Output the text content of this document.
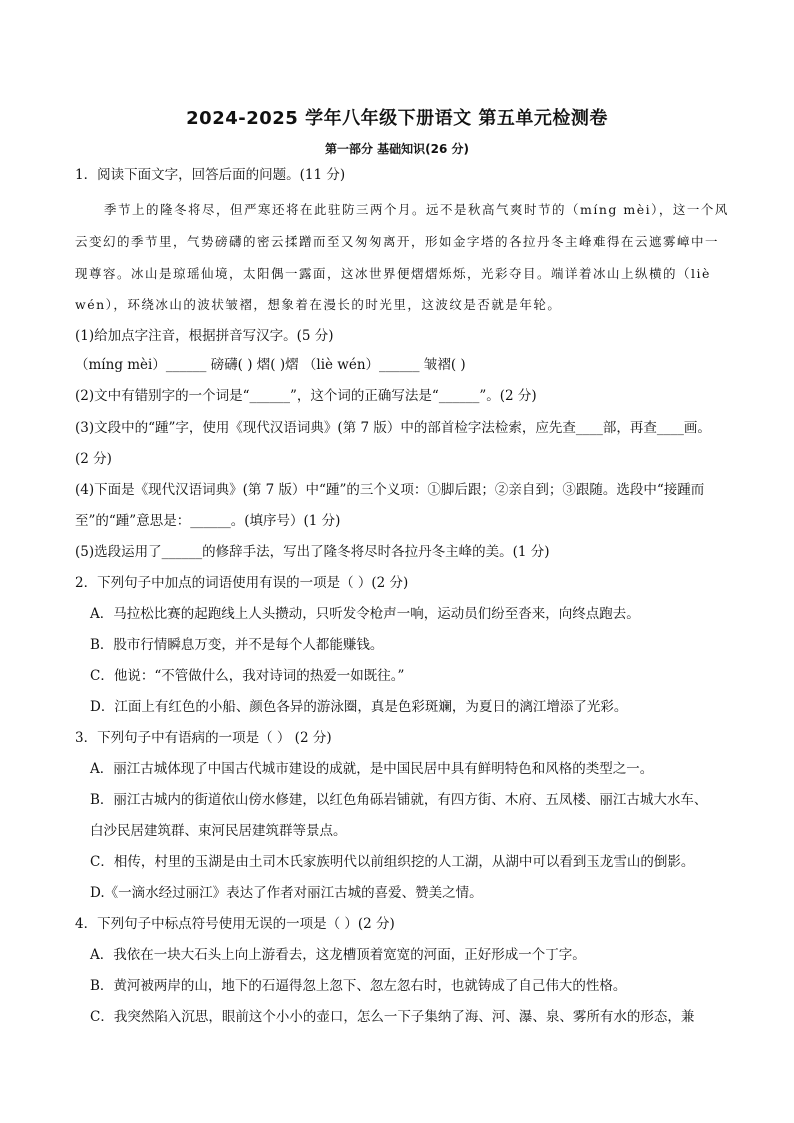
2024-2025 学年八年级下册语文 第五单元检测卷
第一部分 基础知识(26 分)
1．阅读下面文字，回答后面的问题。(11 分)
季节上的隆冬将尽，但严寒还将在此驻防三两个月。远不是秋高气爽时节的（míng mèi），这一个风
云变幻的季节里，气势磅礴的密云揉蹭而至又匆匆离开，形如金字塔的各拉丹冬主峰难得在云遮雾嶂中一
现尊容。冰山是琼瑶仙境，太阳偶一露面，这冰世界便熠熠烁烁，光彩夺目。端详着冰山上纵横的（liè
wén），环绕冰山的波状皱褶，想象着在漫长的时光里，这波纹是否就是年轮。
(1)给加点字注音，根据拼音写汉字。(5 分)
（míng mèi）______ 磅礴( ) 熠( )熠 （liè wén）______ 皱褶( )
(2)文中有错别字的一个词是“______”，这个词的正确写法是“______”。(2 分)
(3)文段中的“踵”字，使用《现代汉语词典》(第 7 版）中的部首检字法检索，应先查____部，再查____画。
(2 分)
(4)下面是《现代汉语词典》(第 7 版）中“踵”的三个义项：①脚后跟；②亲自到；③跟随。选段中“接踵而
至”的“踵”意思是：______。(填序号）(1 分)
(5)选段运用了______的修辞手法，写出了隆冬将尽时各拉丹冬主峰的美。(1 分)
2．下列句子中加点的词语使用有误的一项是（ ）(2 分)
A．马拉松比赛的起跑线上人头攒动，只听发令枪声一响，运动员们纷至沓来，向终点跑去。
B．股市行情瞬息万变，并不是每个人都能赚钱。
C．他说：“不管做什么，我对诗词的热爱一如既往。”
D．江面上有红色的小船、颜色各异的游泳圈，真是色彩斑斓，为夏日的漓江增添了光彩。
3．下列句子中有语病的一项是（ ） (2 分)
A．丽江古城体现了中国古代城市建设的成就，是中国民居中具有鲜明特色和风格的类型之一。
B．丽江古城内的街道依山傍水修建，以红色角砾岩铺就，有四方街、木府、五凤楼、丽江古城大水车、
白沙民居建筑群、束河民居建筑群等景点。
C．相传，村里的玉湖是由土司木氏家族明代以前组织挖的人工湖，从湖中可以看到玉龙雪山的倒影。
D.《一滴水经过丽江》表达了作者对丽江古城的喜爱、赞美之情。
4．下列句子中标点符号使用无误的一项是（ ）(2 分)
A．我依在一块大石头上向上游看去，这龙槽顶着宽宽的河面，正好形成一个丁字。
B．黄河被两岸的山，地下的石逼得忽上忽下、忽左忽右时，也就铸成了自己伟大的性格。
C．我突然陷入沉思，眼前这个小小的壶口，怎么一下子集纳了海、河、瀑、泉、雾所有水的形态，兼
